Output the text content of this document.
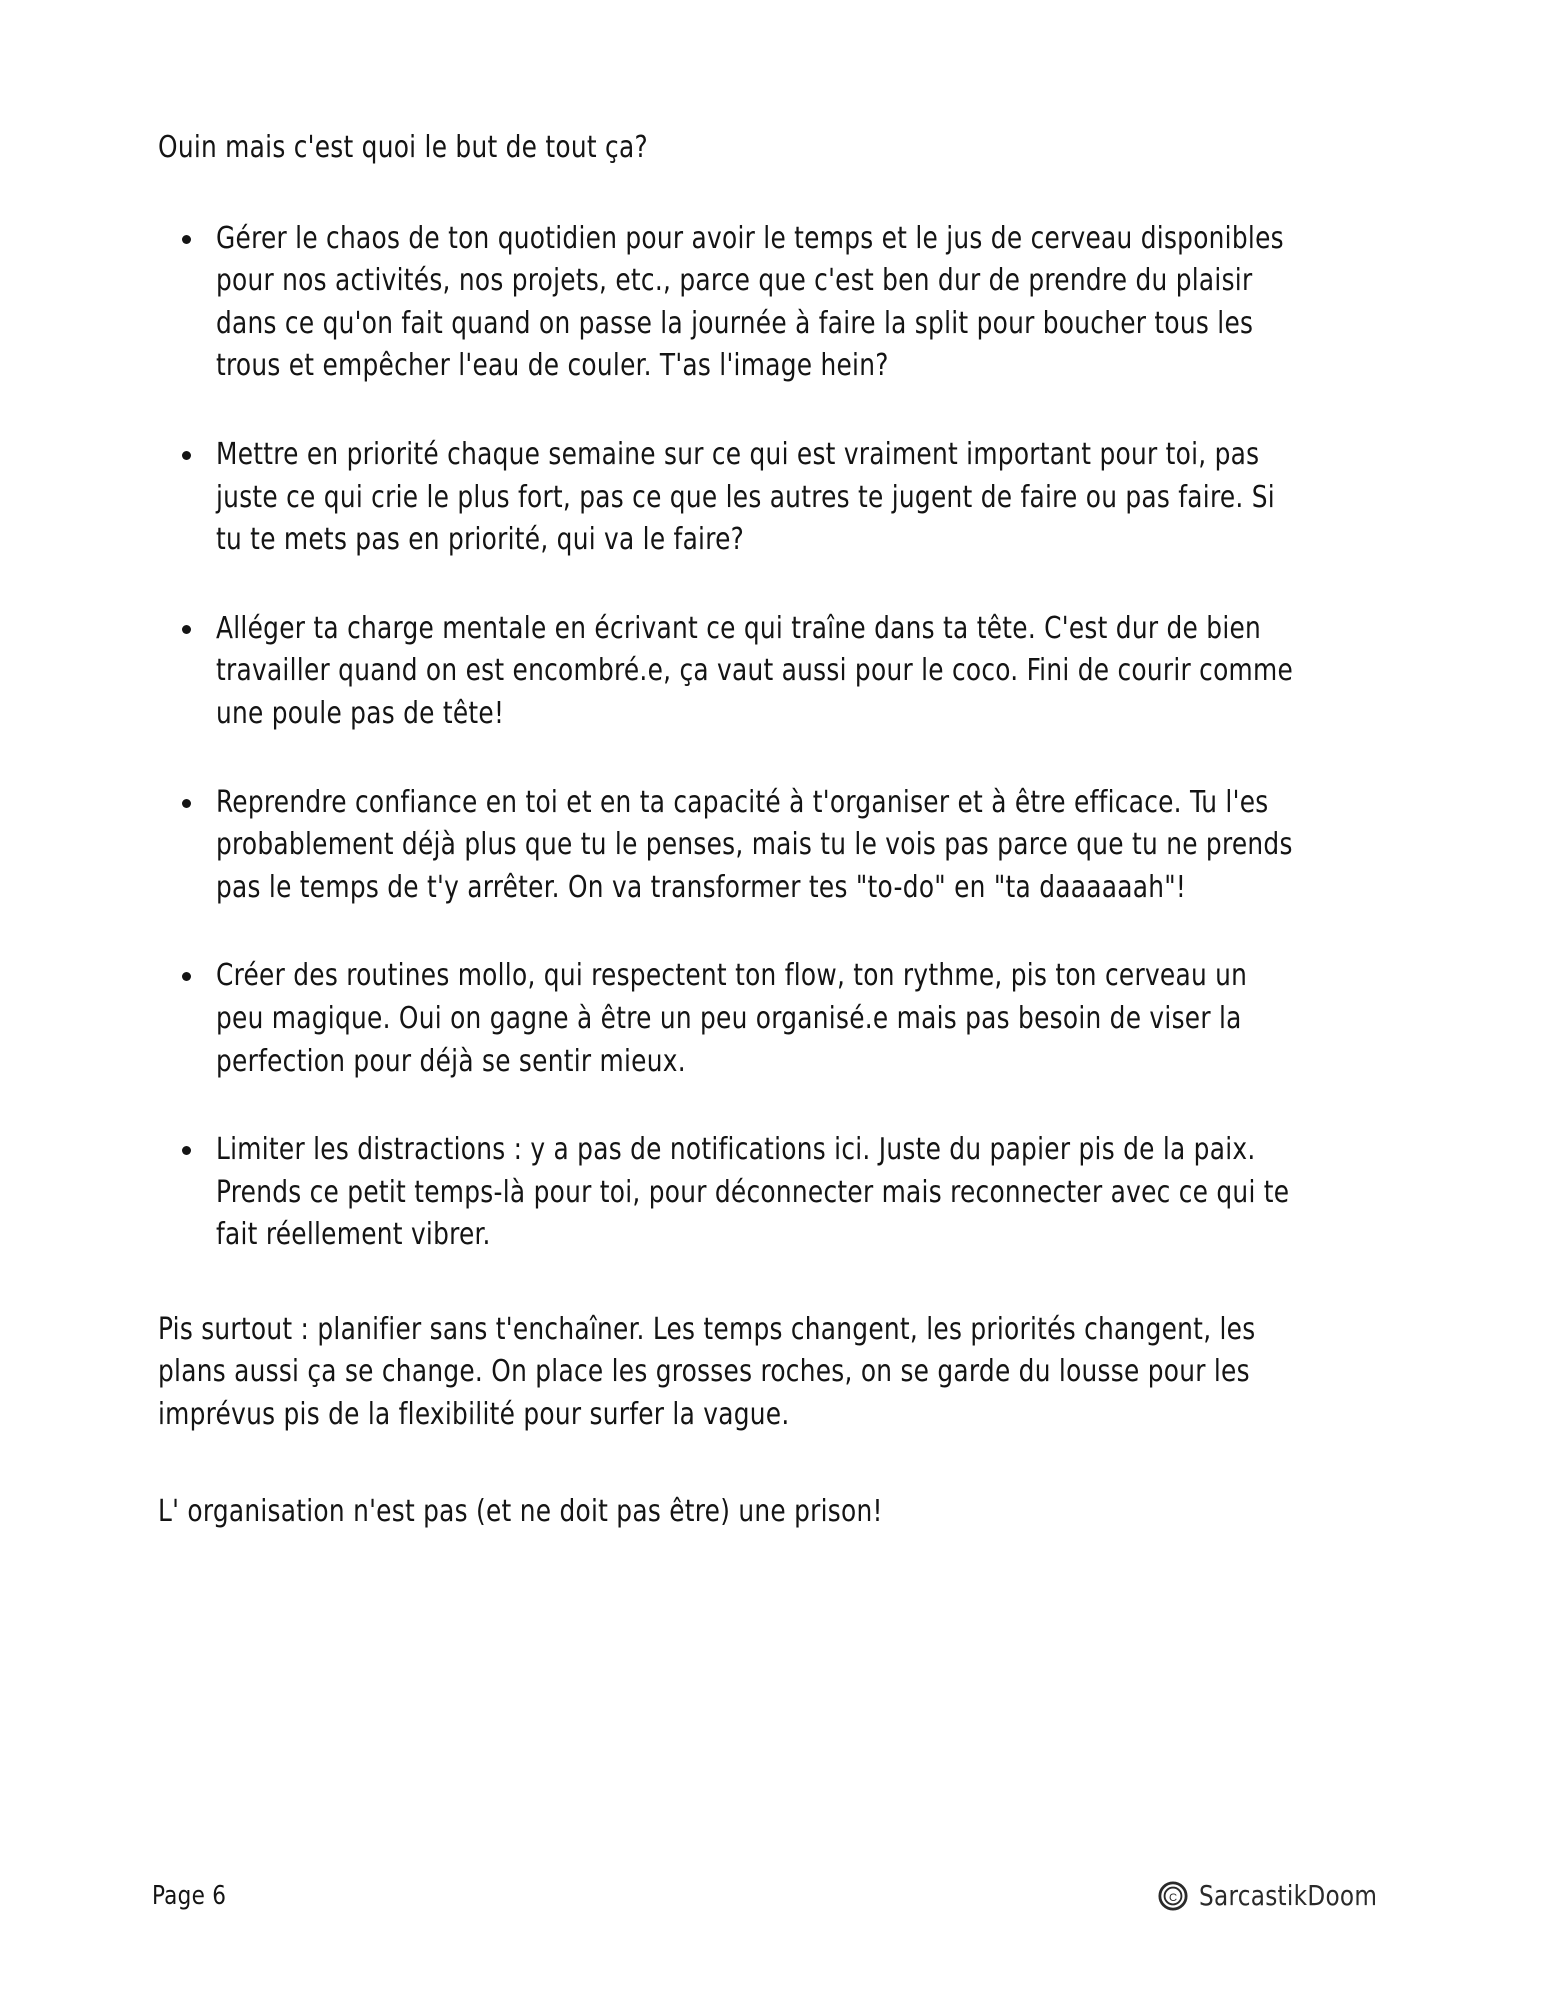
Ouin mais c'est quoi le but de tout ça?

Gérer le chaos de ton quotidien pour avoir le temps et le jus de cerveau disponibles pour nos activités, nos projets, etc., parce que c'est ben dur de prendre du plaisir dans ce qu'on fait quand on passe la journée à faire la split pour boucher tous les trous et empêcher l'eau de couler. T'as l'image hein?
Mettre en priorité chaque semaine sur ce qui est vraiment important pour toi, pas juste ce qui crie le plus fort, pas ce que les autres te jugent de faire ou pas faire. Si tu te mets pas en priorité, qui va le faire?
Alléger ta charge mentale en écrivant ce qui traîne dans ta tête. C'est dur de bien travailler quand on est encombré.e, ça vaut aussi pour le coco. Fini de courir comme une poule pas de tête!
Reprendre confiance en toi et en ta capacité à t'organiser et à être efficace. Tu l'es probablement déjà plus que tu le penses, mais tu le vois pas parce que tu ne prends pas le temps de t'y arrêter. On va transformer tes "to-do" en "ta daaaaaah"!
Créer des routines mollo, qui respectent ton flow, ton rythme, pis ton cerveau un peu magique. Oui on gagne à être un peu organisé.e mais pas besoin de viser la perfection pour déjà se sentir mieux.
Limiter les distractions : y a pas de notifications ici. Juste du papier pis de la paix. Prends ce petit temps-là pour toi, pour déconnecter mais reconnecter avec ce qui te fait réellement vibrer.

Pis surtout : planifier sans t'enchaîner. Les temps changent, les priorités changent, les plans aussi ça se change. On place les grosses roches, on se garde du lousse pour les imprévus pis de la flexibilité pour surfer la vague.

L' organisation n'est pas (et ne doit pas être) une prison!

Page 6	C SarcastikDoom
